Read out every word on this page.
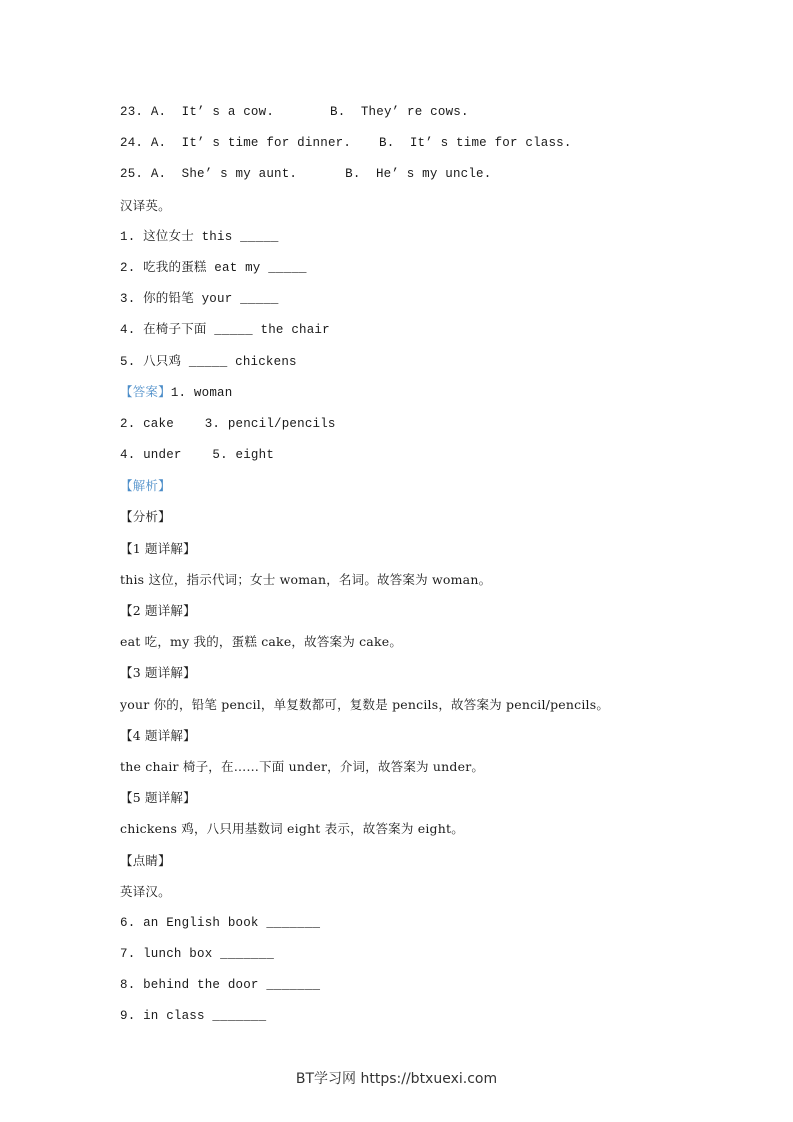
23. A.  It’ s a cow.	B.  They’ re cows.
24. A.  It’ s time for dinner. B.  It’ s time for class.
25. A.  She’ s my aunt.	B.  He’ s my uncle.
汉译英。
1. 这位女士 this _____
2. 吃我的蛋糕 eat my _____
3. 你的铅笔 your _____
4. 在椅子下面 _____ the chair
5. 八只鸡 _____ chickens
【答案】1. woman
2. cake    3. pencil/pencils
4. under    5. eight
【解析】
【分析】
【1 题详解】
this 这位，指示代词；女士 woman，名词。故答案为 woman。
【2 题详解】
eat 吃，my 我的，蛋糕 cake，故答案为 cake。
【3 题详解】
your 你的，铅笔 pencil，单复数都可，复数是 pencils，故答案为 pencil/pencils。
【4 题详解】
the chair 椅子，在……下面 under，介词，故答案为 under。
【5 题详解】
chickens 鸡，八只用基数词 eight 表示，故答案为 eight。
【点睛】
英译汉。
6. an English book _______
7. lunch box _______
8. behind the door _______
9. in class _______
BT学习网 https://btxuexi.com
